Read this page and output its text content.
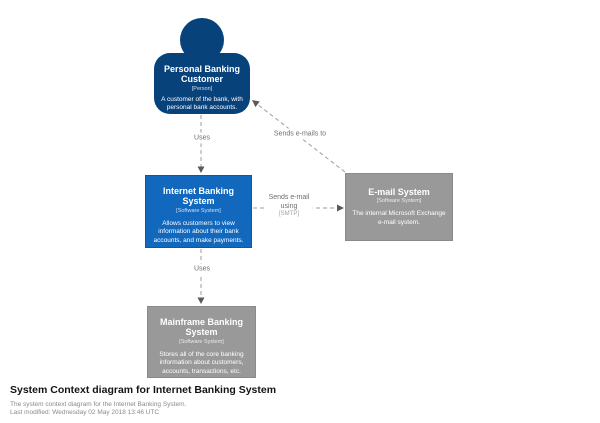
Personal Banking Customer
[Person]
A customer of the bank, with personal bank accounts.
Internet Banking System
[Software System]
Allows customers to view information about their bank accounts, and make payments.
E-mail System
[Software System]
The internal Microsoft Exchange e-mail system.
Mainframe Banking System
[Software System]
Stores all of the core banking information about customers, accounts, transactions, etc.
Uses
Sends e-mails to
Sends e-mail
using
[SMTP]
Uses
System Context diagram for Internet Banking System
The system context diagram for the Internet Banking System.
Last modified: Wednesday 02 May 2018 13:46 UTC
